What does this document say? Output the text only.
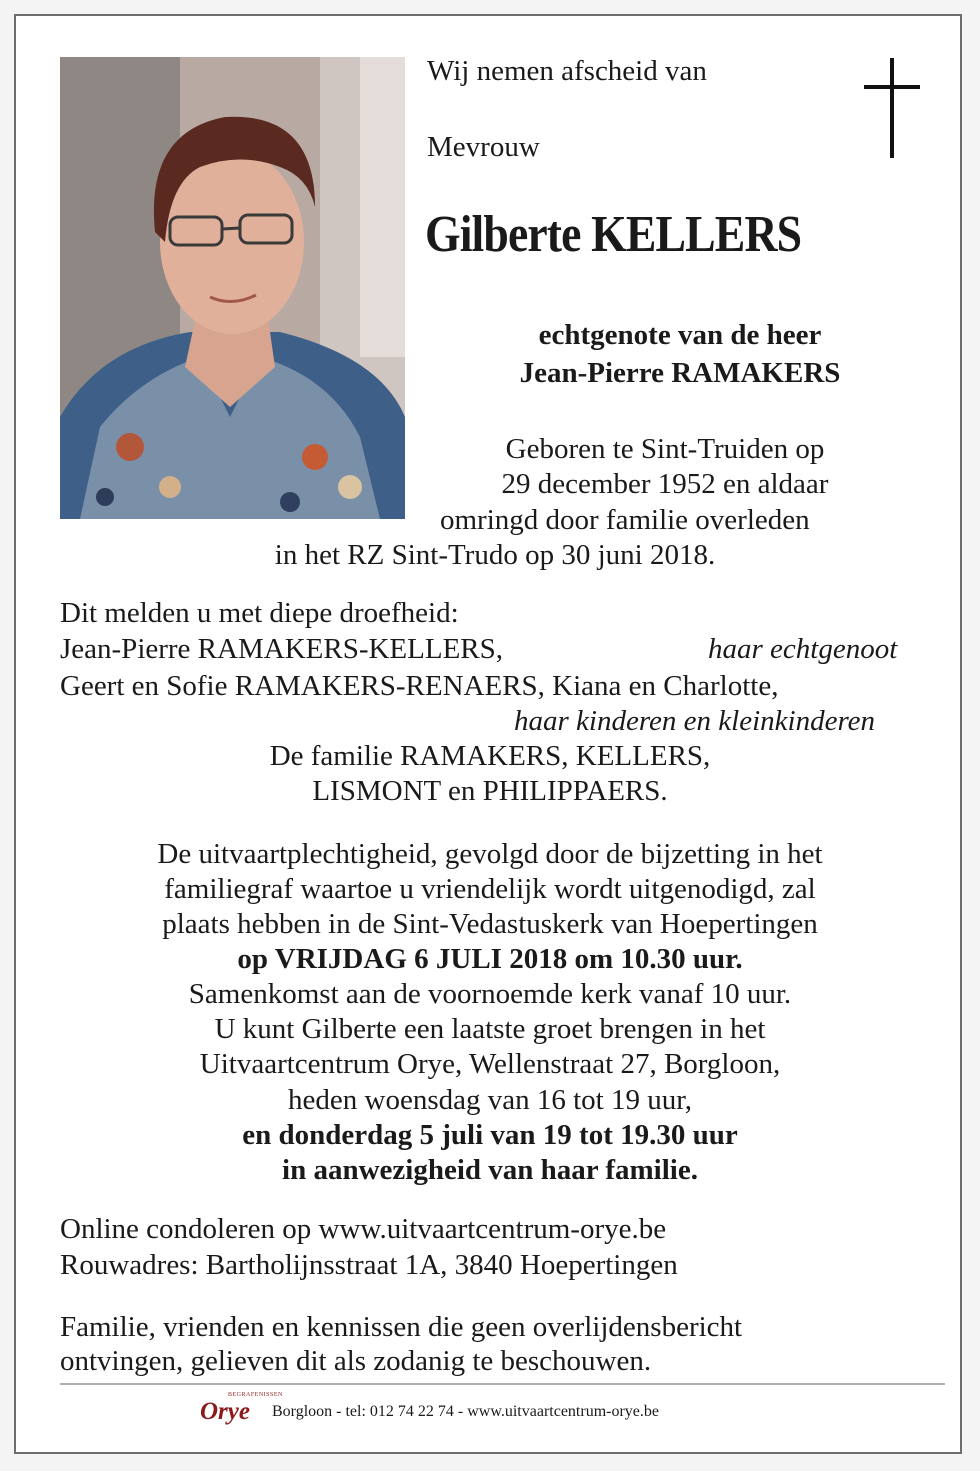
Wij nemen afscheid van
Mevrouw
Gilberte KELLERS
echtgenote van de heer
Jean-Pierre RAMAKERS
Geboren te Sint-Truiden op
29 december 1952 en aldaar
omringd door familie overleden
in het RZ Sint-Trudo op 30 juni 2018.
Dit melden u met diepe droefheid:
Jean-Pierre RAMAKERS-KELLERS,	haar echtgenoot
Geert en Sofie RAMAKERS-RENAERS, Kiana en Charlotte,
haar kinderen en kleinkinderen
De familie RAMAKERS, KELLERS,
LISMONT en PHILIPPAERS.
De uitvaartplechtigheid, gevolgd door de bijzetting in het
familiegraf waartoe u vriendelijk wordt uitgenodigd, zal
plaats hebben in de Sint-Vedastuskerk van Hoepertingen
op VRIJDAG 6 JULI 2018 om 10.30 uur.
Samenkomst aan de voornoemde kerk vanaf 10 uur.
U kunt Gilberte een laatste groet brengen in het
Uitvaartcentrum Orye, Wellenstraat 27, Borgloon,
heden woensdag van 16 tot 19 uur,
en donderdag 5 juli van 19 tot 19.30 uur
in aanwezigheid van haar familie.
Online condoleren op www.uitvaartcentrum-orye.be
Rouwadres: Bartholijnsstraat 1A, 3840 Hoepertingen
Familie, vrienden en kennissen die geen overlijdensbericht
ontvingen, gelieven dit als zodanig te beschouwen.
Orye
BEGRAFENISSEN
Borgloon - tel: 012 74 22 74 - www.uitvaartcentrum-orye.be
